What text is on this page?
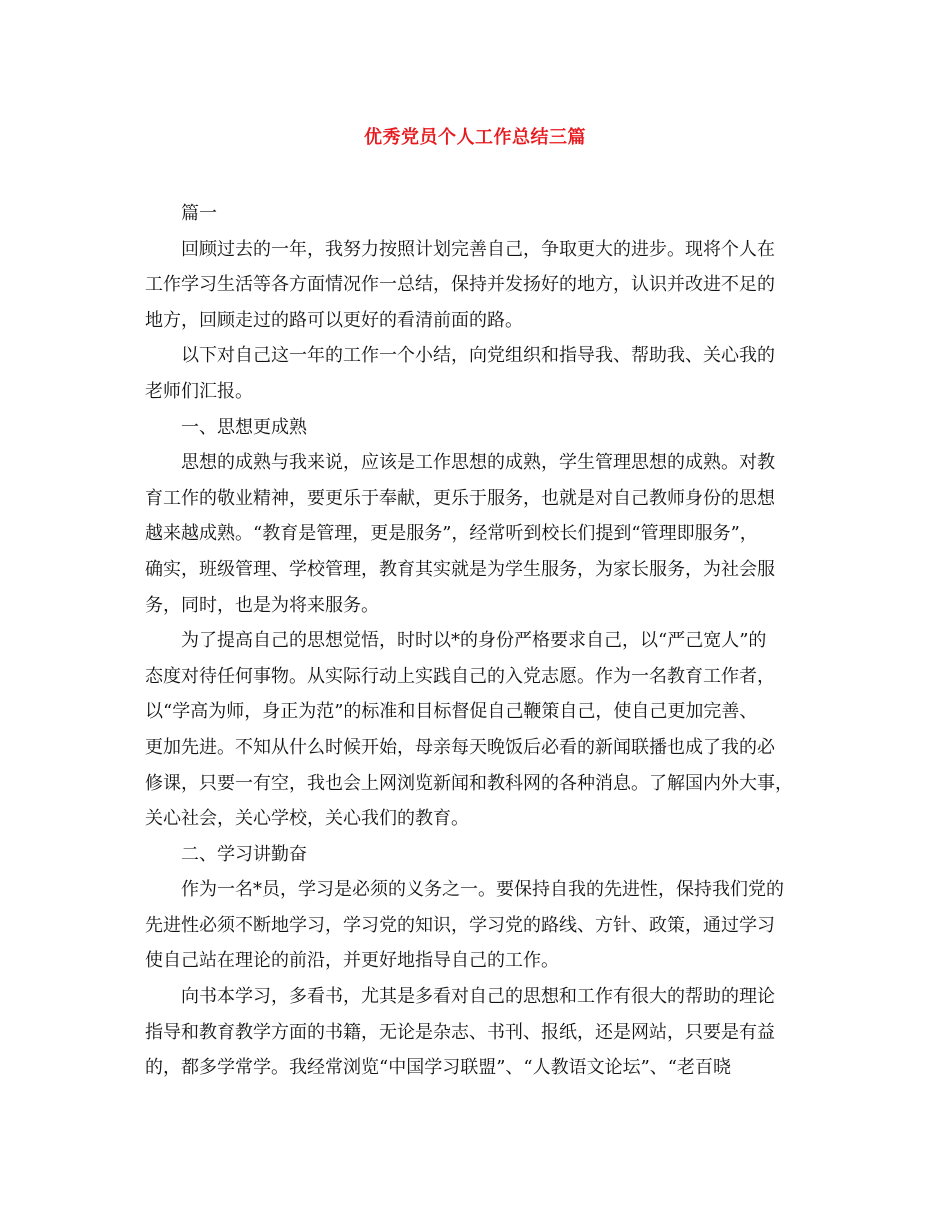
优秀党员个人工作总结三篇
篇一
回顾过去的一年，我努力按照计划完善自己，争取更大的进步。现将个人在
工作学习生活等各方面情况作一总结，保持并发扬好的地方，认识并改进不足的
地方，回顾走过的路可以更好的看清前面的路。
以下对自己这一年的工作一个小结，向党组织和指导我、帮助我、关心我的
老师们汇报。
一、思想更成熟
思想的成熟与我来说，应该是工作思想的成熟，学生管理思想的成熟。对教
育工作的敬业精神，要更乐于奉献，更乐于服务，也就是对自己教师身份的思想
越来越成熟。“教育是管理，更是服务”，经常听到校长们提到“管理即服务”，
确实，班级管理、学校管理，教育其实就是为学生服务，为家长服务，为社会服
务，同时，也是为将来服务。
为了提高自己的思想觉悟，时时以*的身份严格要求自己，以“严己宽人”的
态度对待任何事物。从实际行动上实践自己的入党志愿。作为一名教育工作者，
以“学高为师，身正为范”的标准和目标督促自己鞭策自己，使自己更加完善、
更加先进。不知从什么时候开始，母亲每天晚饭后必看的新闻联播也成了我的必
修课，只要一有空，我也会上网浏览新闻和教科网的各种消息。了解国内外大事，
关心社会，关心学校，关心我们的教育。
二、学习讲勤奋
作为一名*员，学习是必须的义务之一。要保持自我的先进性，保持我们党的
先进性必须不断地学习，学习党的知识，学习党的路线、方针、政策，通过学习
使自己站在理论的前沿，并更好地指导自己的工作。
向书本学习，多看书，尤其是多看对自己的思想和工作有很大的帮助的理论
指导和教育教学方面的书籍，无论是杂志、书刊、报纸，还是网站，只要是有益
的，都多学常学。我经常浏览“中国学习联盟”、“人教语文论坛”、“老百晓
